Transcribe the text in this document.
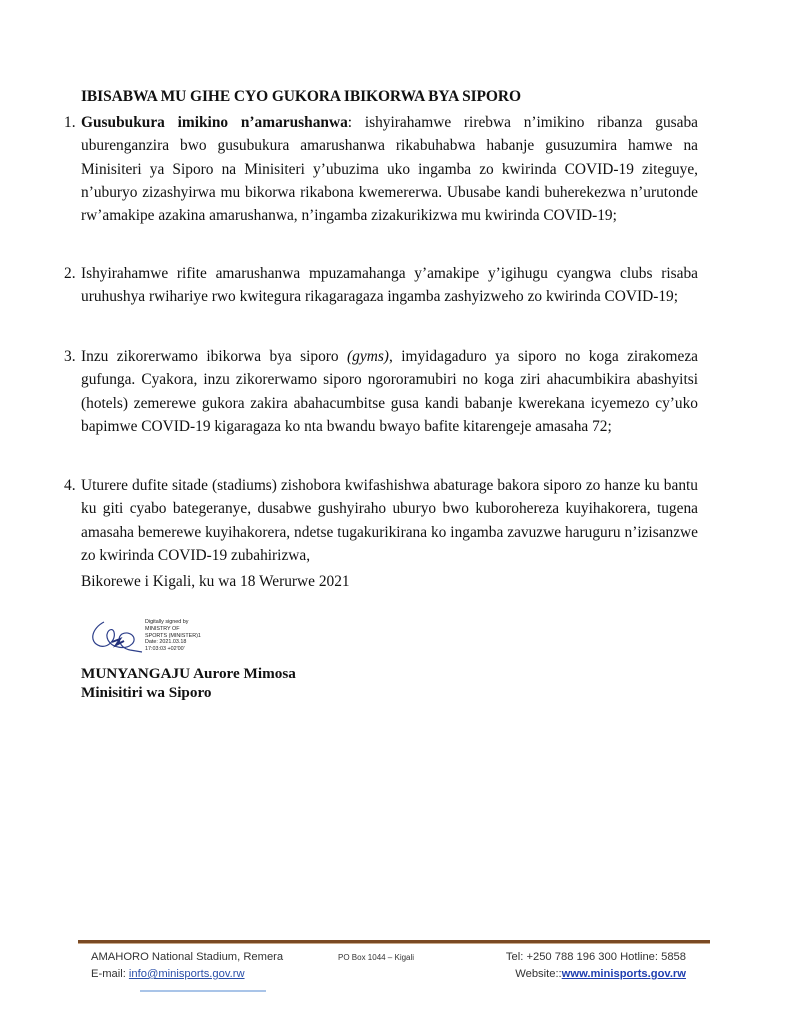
IBISABWA MU GIHE CYO GUKORA IBIKORWA BYA SIPORO
1. Gusubukura imikino n’amarushanwa: ishyirahamwe rirebwa n’imikino ribanza gusaba uburenganzira bwo gusubukura amarushanwa rikabuhabwa habanje gusuzumira hamwe na Minisiteri ya Siporo na Minisiteri y’ubuzima uko ingamba zo kwirinda COVID-19 ziteguye, n’uburyo zizashyirwa mu bikorwa rikabona kwemererwa. Ubusabe kandi buherekezwa n’urutonde rw’amakipe azakina amarushanwa, n’ingamba zizakurikizwa mu kwirinda COVID-19;

2. Ishyirahamwe rifite amarushanwa mpuzamahanga y’amakipe y’igihugu cyangwa clubs risaba uruhushya rwihariye rwo kwitegura rikagaragaza ingamba zashyizweho zo kwirinda COVID-19;

3. Inzu zikorerwamo ibikorwa bya siporo (gyms), imyidagaduro ya siporo no koga zirakomeza gufunga. Cyakora, inzu zikorerwamo siporo ngororamubiri no koga ziri ahacumbikira abashyitsi (hotels) zemerewe gukora zakira abahacumbitse gusa kandi babanje kwerekana icyemezo cy’uko bapimwe COVID-19 kigaragaza ko nta bwandu bwayo bafite kitarengeje amasaha 72;

4. Uturere dufite sitade (stadiums) zishobora kwifashishwa abaturage bakora siporo zo hanze ku bantu ku giti cyabo bategeranye, dusabwe gushyiraho uburyo bwo kuborohereza kuyihakorera, tugena amasaha bemerewe kuyihakorera, ndetse tugakurikirana ko ingamba zavuzwe haruguru n’izisanzwe zo kwirinda COVID-19 zubahirizwa,

Bikorewe i Kigali, ku wa 18 Werurwe 2021
Digitally signed by
MINISTRY OF
SPORTS (MINISTER)1
Date: 2021.03.18
17:03:03 +02'00'
MUNYANGAJU Aurore Mimosa
Minisitiri wa Siporo
AMAHORO National Stadium, Remera
E-mail: info@minisports.gov.rw
PO Box 1044 – Kigali	Tel: +250 788 196 300 Hotline: 5858
Website::www.minisports.gov.rw
